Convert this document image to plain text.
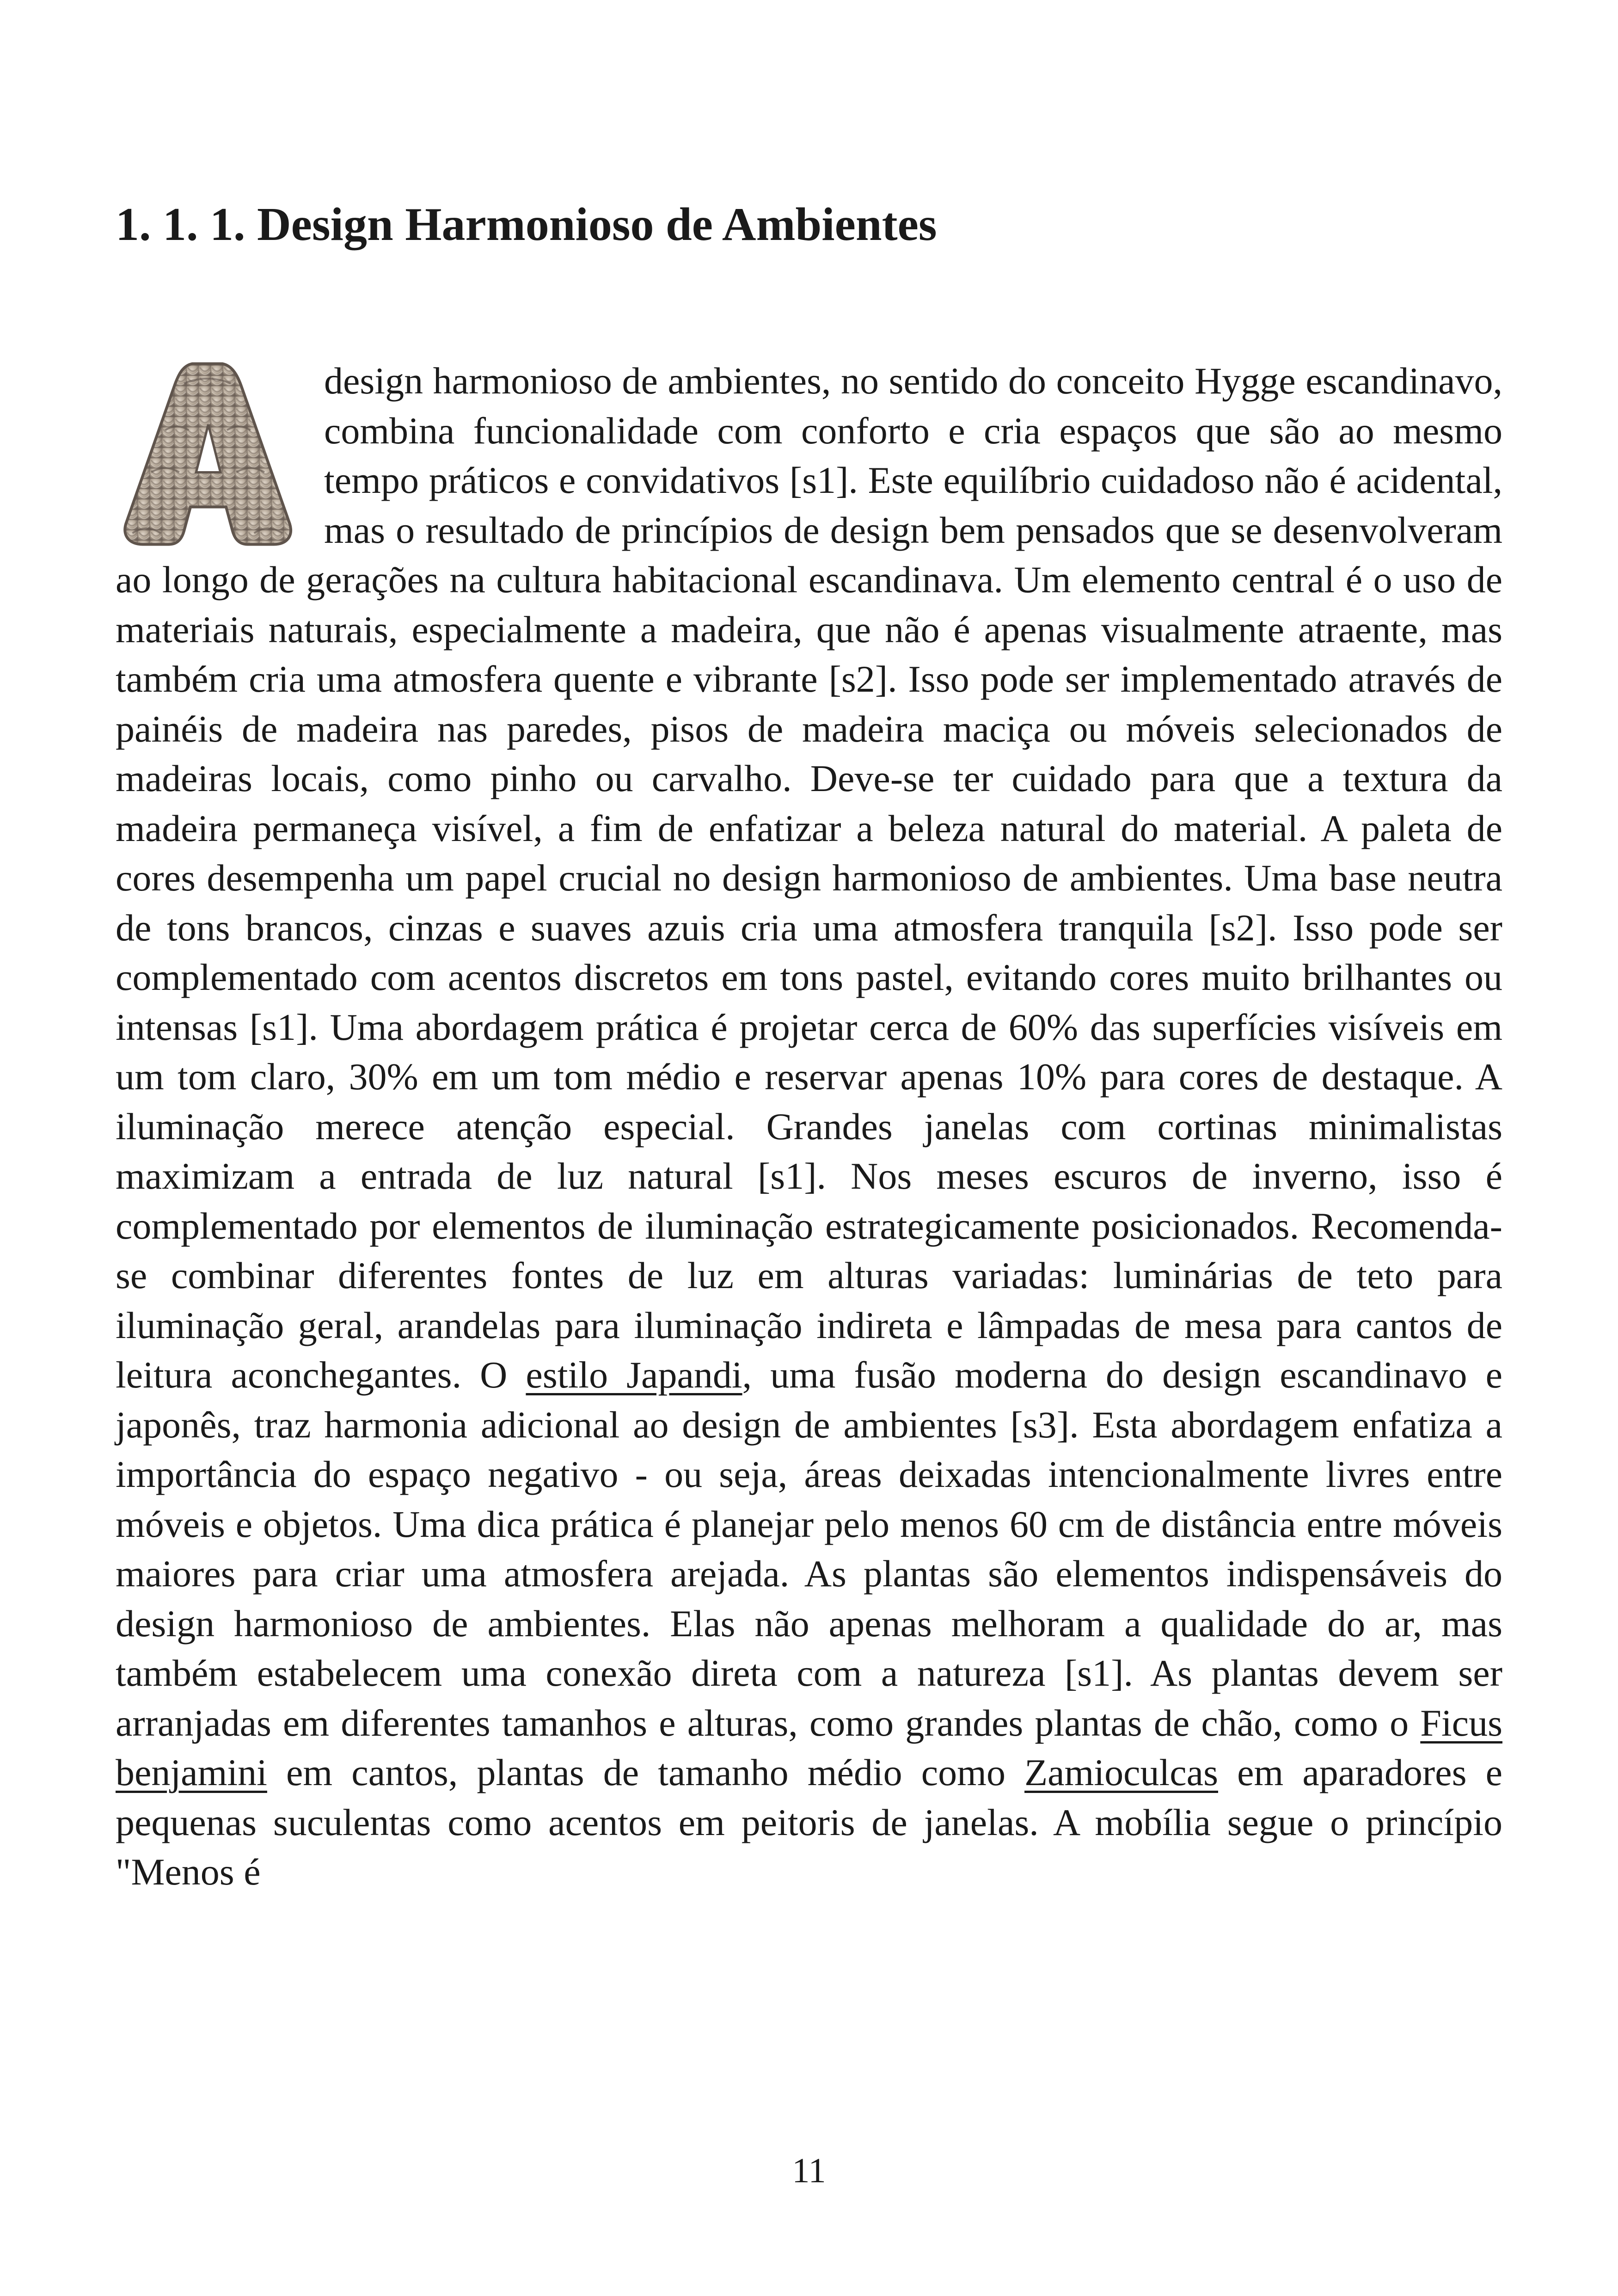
1. 1. 1. Design Harmonioso de Ambientes

design harmonioso de ambientes, no sentido do conceito Hygge escandinavo, combina funcionalidade com conforto e cria espaços que são ao mesmo tempo práticos e convidativos [s1]. Este equilíbrio cuidadoso não é acidental, mas o resultado de princípios de design bem pensados que se desenvolveram ao longo de gerações na cultura habitacional escandinava. Um elemento central é o uso de materiais naturais, especialmente a madeira, que não é apenas visualmente atraente, mas também cria uma atmosfera quente e vibrante [s2]. Isso pode ser implementado através de painéis de madeira nas paredes, pisos de madeira maciça ou móveis selecionados de madeiras locais, como pinho ou carvalho. Deve-se ter cuidado para que a textura da madeira permaneça visível, a fim de enfatizar a beleza natural do material. A paleta de cores desempenha um papel crucial no design harmonioso de ambientes. Uma base neutra de tons brancos, cinzas e suaves azuis cria uma atmosfera tranquila [s2]. Isso pode ser complementado com acentos discretos em tons pastel, evitando cores muito brilhantes ou intensas [s1]. Uma abordagem prática é projetar cerca de 60% das superfícies visíveis em um tom claro, 30% em um tom médio e reservar apenas 10% para cores de destaque. A iluminação merece atenção especial. Grandes janelas com cortinas minimalistas maximizam a entrada de luz natural [s1]. Nos meses escuros de inverno, isso é complementado por elementos de iluminação estrategicamente posicionados. Recomenda-se combinar diferentes fontes de luz em alturas variadas: luminárias de teto para iluminação geral, arandelas para iluminação indireta e lâmpadas de mesa para cantos de leitura aconchegantes. O estilo Japandi, uma fusão moderna do design escandinavo e japonês, traz harmonia adicional ao design de ambientes [s3]. Esta abordagem enfatiza a importância do espaço negativo - ou seja, áreas deixadas intencionalmente livres entre móveis e objetos. Uma dica prática é planejar pelo menos 60 cm de distância entre móveis maiores para criar uma atmosfera arejada. As plantas são elementos indispensáveis do design harmonioso de ambientes. Elas não apenas melhoram a qualidade do ar, mas também estabelecem uma conexão direta com a natureza [s1]. As plantas devem ser arranjadas em diferentes tamanhos e alturas, como grandes plantas de chão, como o Ficus benjamini em cantos, plantas de tamanho médio como Zamioculcas em aparadores e pequenas suculentas como acentos em peitoris de janelas. A mobília segue o princípio "Menos é

11
